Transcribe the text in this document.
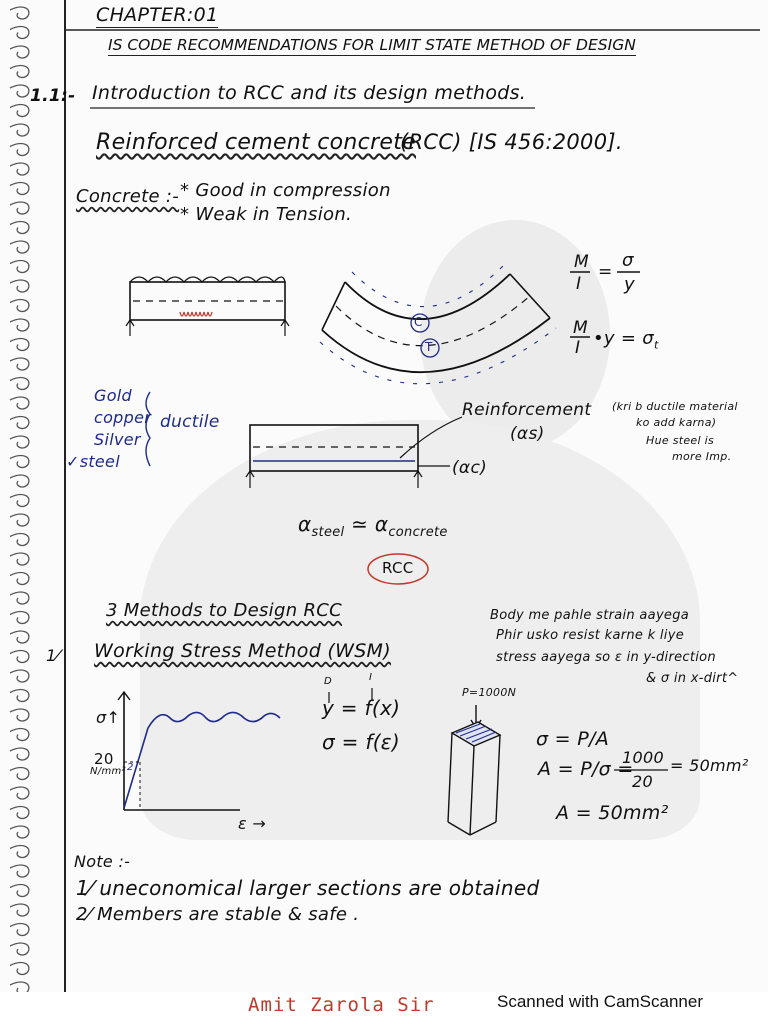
CHAPTER:01
IS CODE RECOMMENDATIONS FOR LIMIT STATE METHOD OF DESIGN
1.1:- Introduction to RCC and its design methods.
Reinforced cement concrete
(RCC) [IS 456:2000].
Concrete :- * Good in compression
* Weak in Tension.
M
I
=
σ
y
M
I •y = $\sigma_t$
C
T
Gold
copper
Silver
✓steel
ductile
Reinforcement
(αs)
(αc)
(kri b ductile material
ko add karna)
Hue steel is
more Imp.
$\alpha_{steel}$ ≃ $\alpha_{concrete}$
RCC
3 Methods to Design RCC
1⁄ Working Stress Method (WSM)
Body me pahle strain aayega
Phir usko resist karne k liye
stress aayega so ε in y-direction
& σ in x-dirt^
σ↑
20
N/mm² 2
ε →
D	I
y = f(x)
σ = f(ε)
P=1000N
σ = P/A
A = P/σ =
1000
20
= 50mm²
A = 50mm²
Note :-
1⁄ uneconomical larger sections are obtained
2⁄ Members are stable & safe .
Amit Zarola Sir	Scanned with CamScanner
